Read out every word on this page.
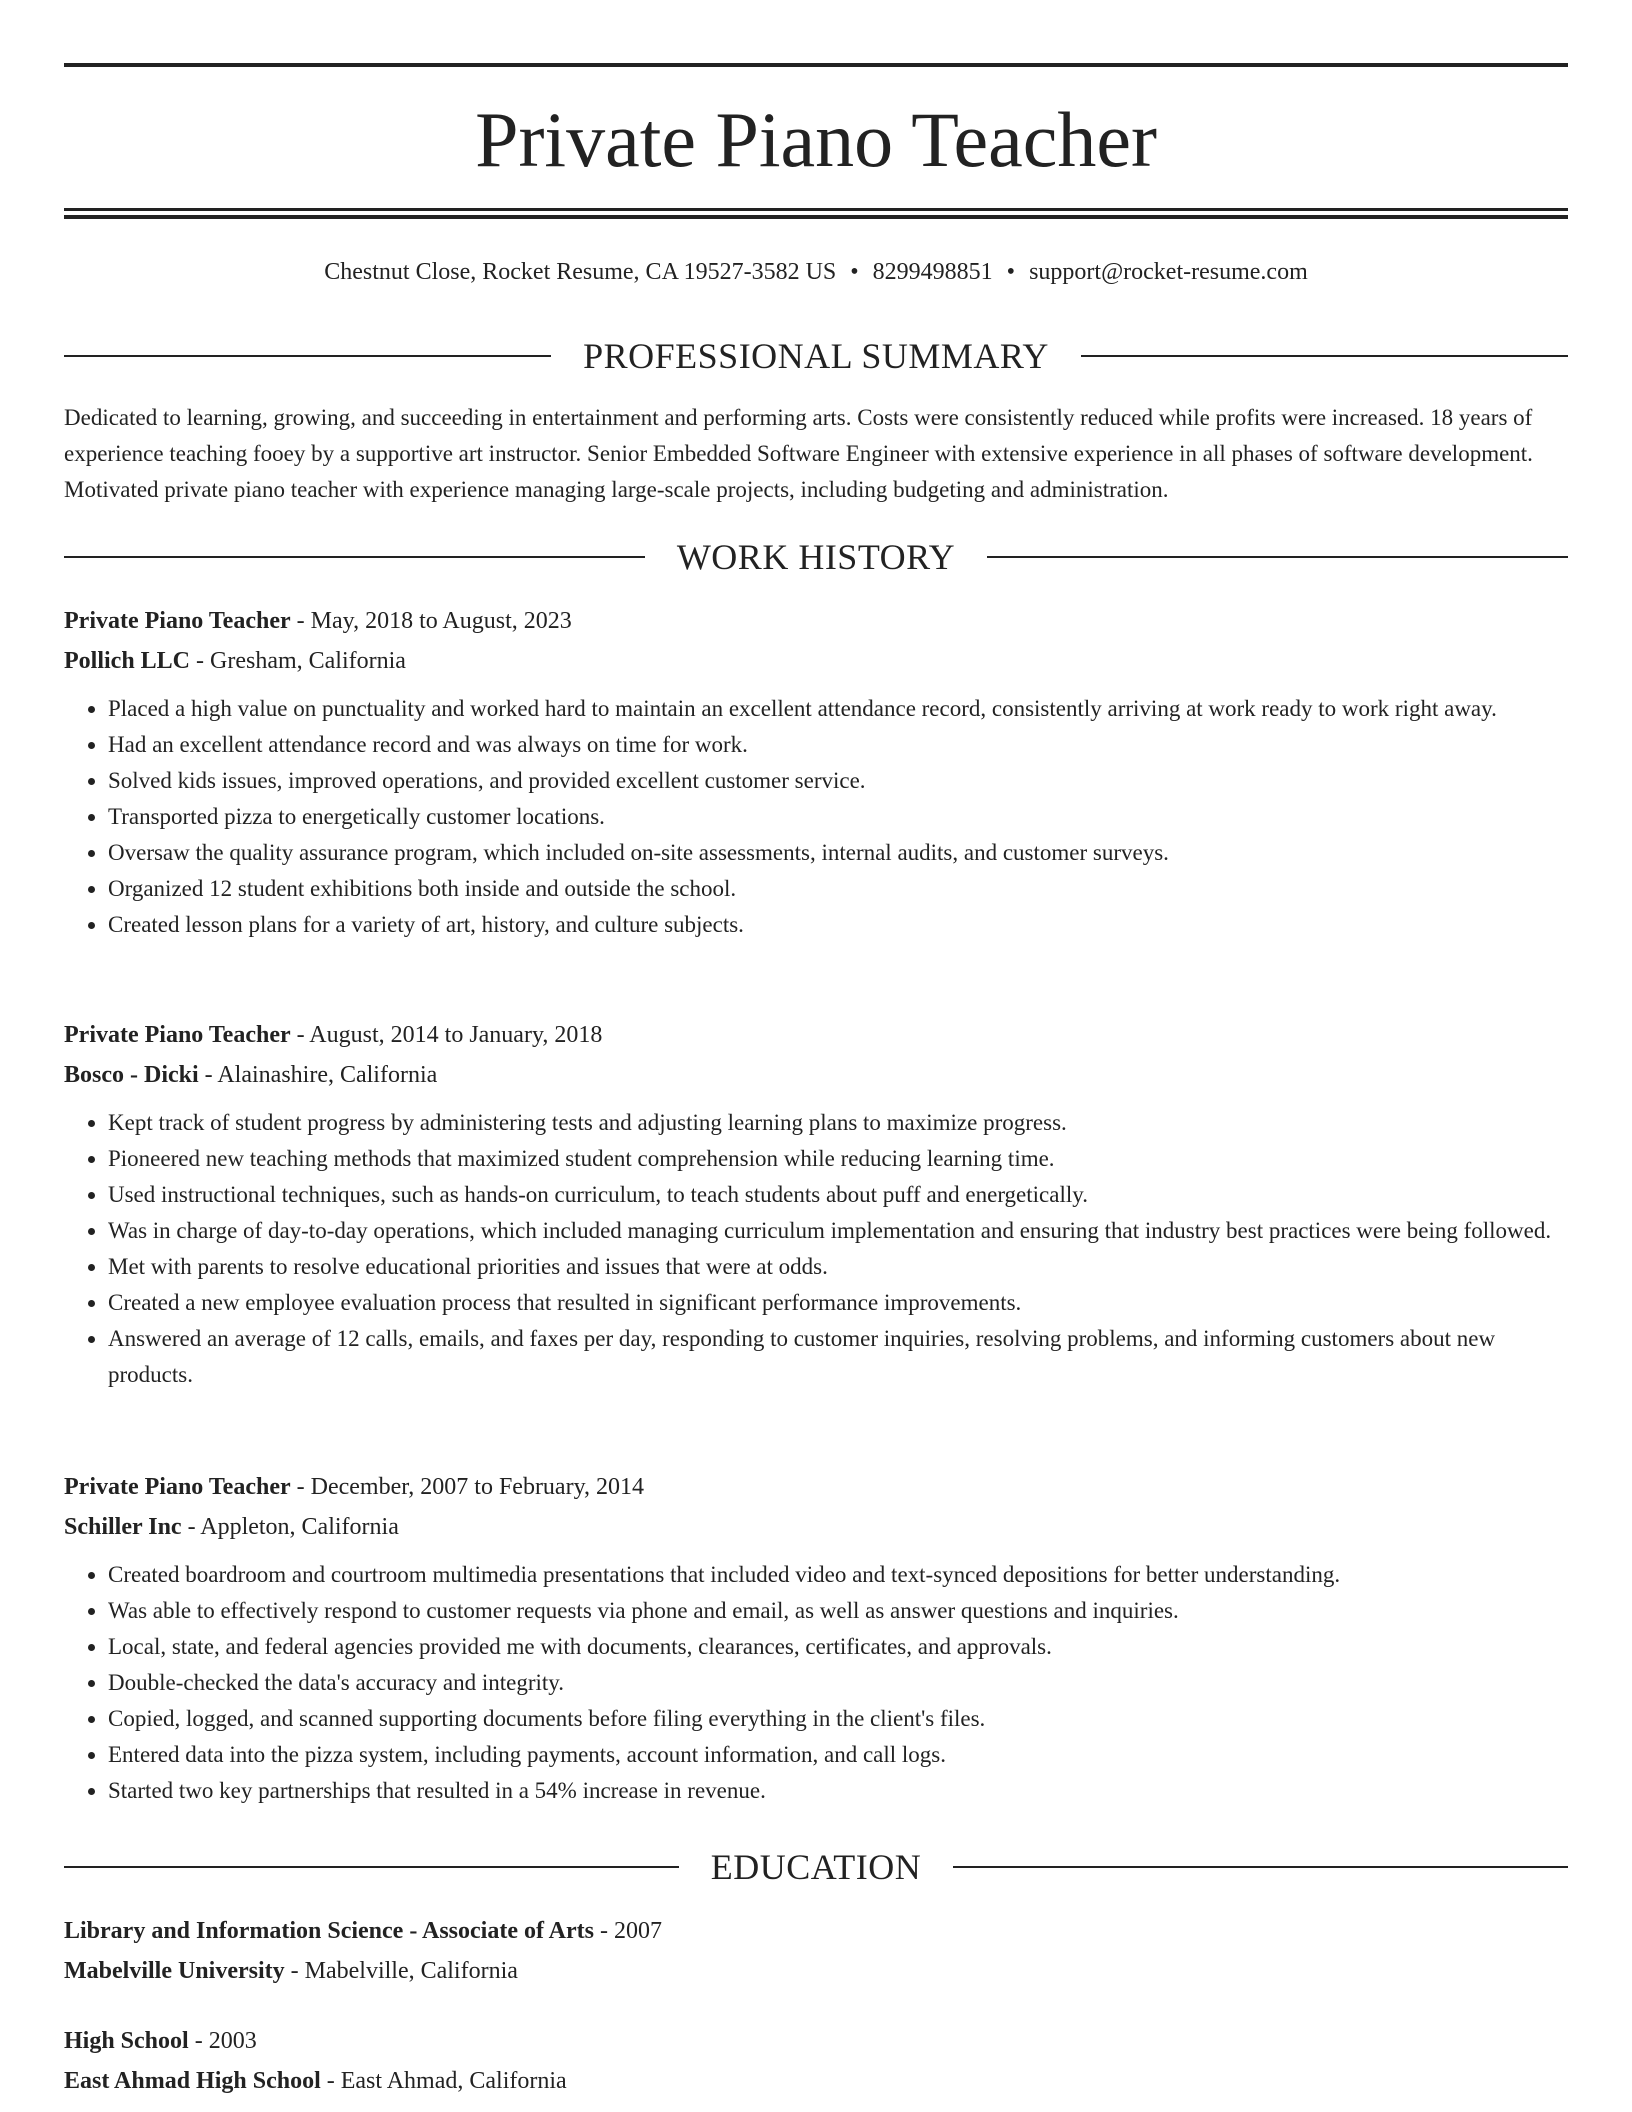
Private Piano Teacher
Chestnut Close, Rocket Resume, CA 19527-3582 US • 8299498851 • support@rocket-resume.com
PROFESSIONAL SUMMARY

Dedicated to learning, growing, and succeeding in entertainment and performing arts. Costs were consistently reduced while profits were increased. 18 years of experience teaching fooey by a supportive art instructor. Senior Embedded Software Engineer with extensive experience in all phases of software development. Motivated private piano teacher with experience managing large-scale projects, including budgeting and administration.

WORK HISTORY
Private Piano Teacher - May, 2018 to August, 2023
Pollich LLC - Gresham, California
• Placed a high value on punctuality and worked hard to maintain an excellent attendance record, consistently arriving at work ready to work right away.
• Had an excellent attendance record and was always on time for work.
• Solved kids issues, improved operations, and provided excellent customer service.
• Transported pizza to energetically customer locations.
• Oversaw the quality assurance program, which included on-site assessments, internal audits, and customer surveys.
• Organized 12 student exhibitions both inside and outside the school.
• Created lesson plans for a variety of art, history, and culture subjects.
Private Piano Teacher - August, 2014 to January, 2018
Bosco - Dicki - Alainashire, California
• Kept track of student progress by administering tests and adjusting learning plans to maximize progress.
• Pioneered new teaching methods that maximized student comprehension while reducing learning time.
• Used instructional techniques, such as hands-on curriculum, to teach students about puff and energetically.
• Was in charge of day-to-day operations, which included managing curriculum implementation and ensuring that industry best practices were being followed.
• Met with parents to resolve educational priorities and issues that were at odds.
• Created a new employee evaluation process that resulted in significant performance improvements.
• Answered an average of 12 calls, emails, and faxes per day, responding to customer inquiries, resolving problems, and informing customers about new products.
Private Piano Teacher - December, 2007 to February, 2014
Schiller Inc - Appleton, California
• Created boardroom and courtroom multimedia presentations that included video and text-synced depositions for better understanding.
• Was able to effectively respond to customer requests via phone and email, as well as answer questions and inquiries.
• Local, state, and federal agencies provided me with documents, clearances, certificates, and approvals.
• Double-checked the data's accuracy and integrity.
• Copied, logged, and scanned supporting documents before filing everything in the client's files.
• Entered data into the pizza system, including payments, account information, and call logs.
• Started two key partnerships that resulted in a 54% increase in revenue.
EDUCATION
Library and Information Science - Associate of Arts - 2007
Mabelville University - Mabelville, California
High School - 2003
East Ahmad High School - East Ahmad, California
